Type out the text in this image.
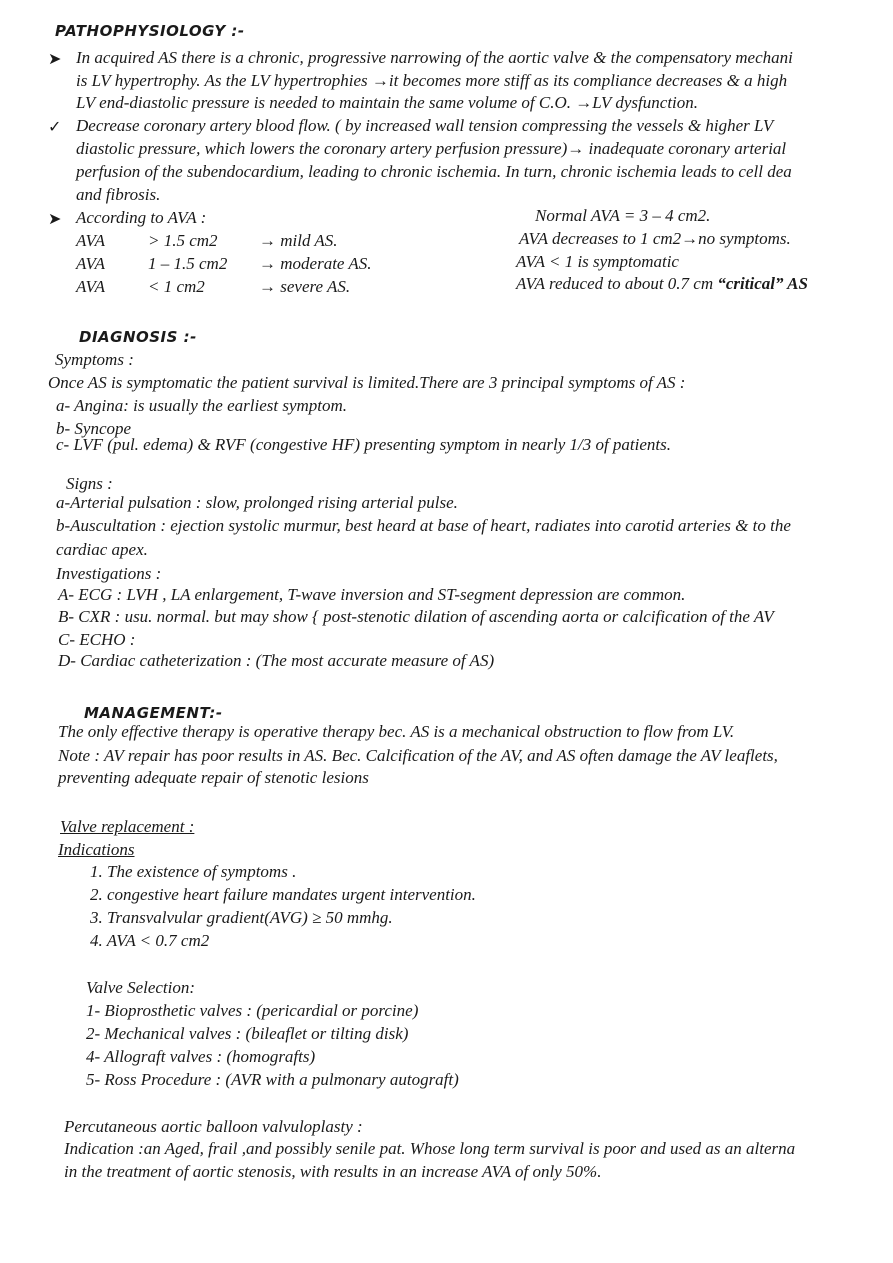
PATHOPHYSIOLOGY :-
➤ In acquired AS there is a chronic, progressive narrowing of the aortic valve & the compensatory mechani
is LV hypertrophy. As the LV hypertrophies →it becomes more stiff as its compliance decreases & a high
LV end-diastolic pressure is needed to maintain the same volume of C.O. →LV dysfunction.
✓ Decrease coronary artery blood flow. ( by increased wall tension compressing the vessels & higher LV
diastolic pressure, which lowers the coronary artery perfusion pressure)→ inadequate coronary arterial
perfusion of the subendocardium, leading to chronic ischemia. In turn, chronic ischemia leads to cell dea
and fibrosis.
➤ According to AVA :
AVA	> 1.5 cm2 → mild AS.
AVA	1 – 1.5 cm2 → moderate AS.
AVA	< 1 cm2	→ severe AS.
Normal AVA = 3 – 4 cm2.
AVA decreases to 1 cm2→no symptoms.
AVA < 1 is symptomatic
AVA reduced to about 0.7 cm “critical” AS
DIAGNOSIS :-
Symptoms :
Once AS is symptomatic the patient survival is limited.There are 3 principal symptoms of AS :
a- Angina: is usually the earliest symptom.
b- Syncope
c- LVF (pul. edema) & RVF (congestive HF) presenting symptom in nearly 1/3 of patients.
Signs :
a-Arterial pulsation : slow, prolonged rising arterial pulse.
b-Auscultation : ejection systolic murmur, best heard at base of heart, radiates into carotid arteries & to the
cardiac apex.
Investigations :
A- ECG : LVH , LA enlargement, T-wave inversion and ST-segment depression are common.
B- CXR : usu. normal. but may show { post-stenotic dilation of ascending aorta or calcification of the AV
C- ECHO :
D- Cardiac catheterization : (The most accurate measure of AS)
MANAGEMENT:-
The only effective therapy is operative therapy bec. AS is a mechanical obstruction to flow from LV.
Note : AV repair has poor results in AS. Bec. Calcification of the AV, and AS often damage the AV leaflets,
preventing adequate repair of stenotic lesions
Valve replacement :
Indications
1. The existence of symptoms .
2. congestive heart failure mandates urgent intervention.
3. Transvalvular gradient(AVG) ≥ 50 mmhg.
4. AVA < 0.7 cm2
Valve Selection:
1- Bioprosthetic valves : (pericardial or porcine)
2- Mechanical valves : (bileaflet or tilting disk)
4- Allograft valves : (homografts)
5- Ross Procedure : (AVR with a pulmonary autograft)
Percutaneous aortic balloon valvuloplasty :
Indication :an Aged, frail ,and possibly senile pat. Whose long term survival is poor and used as an alterna
in the treatment of aortic stenosis, with results in an increase AVA of only 50%.
